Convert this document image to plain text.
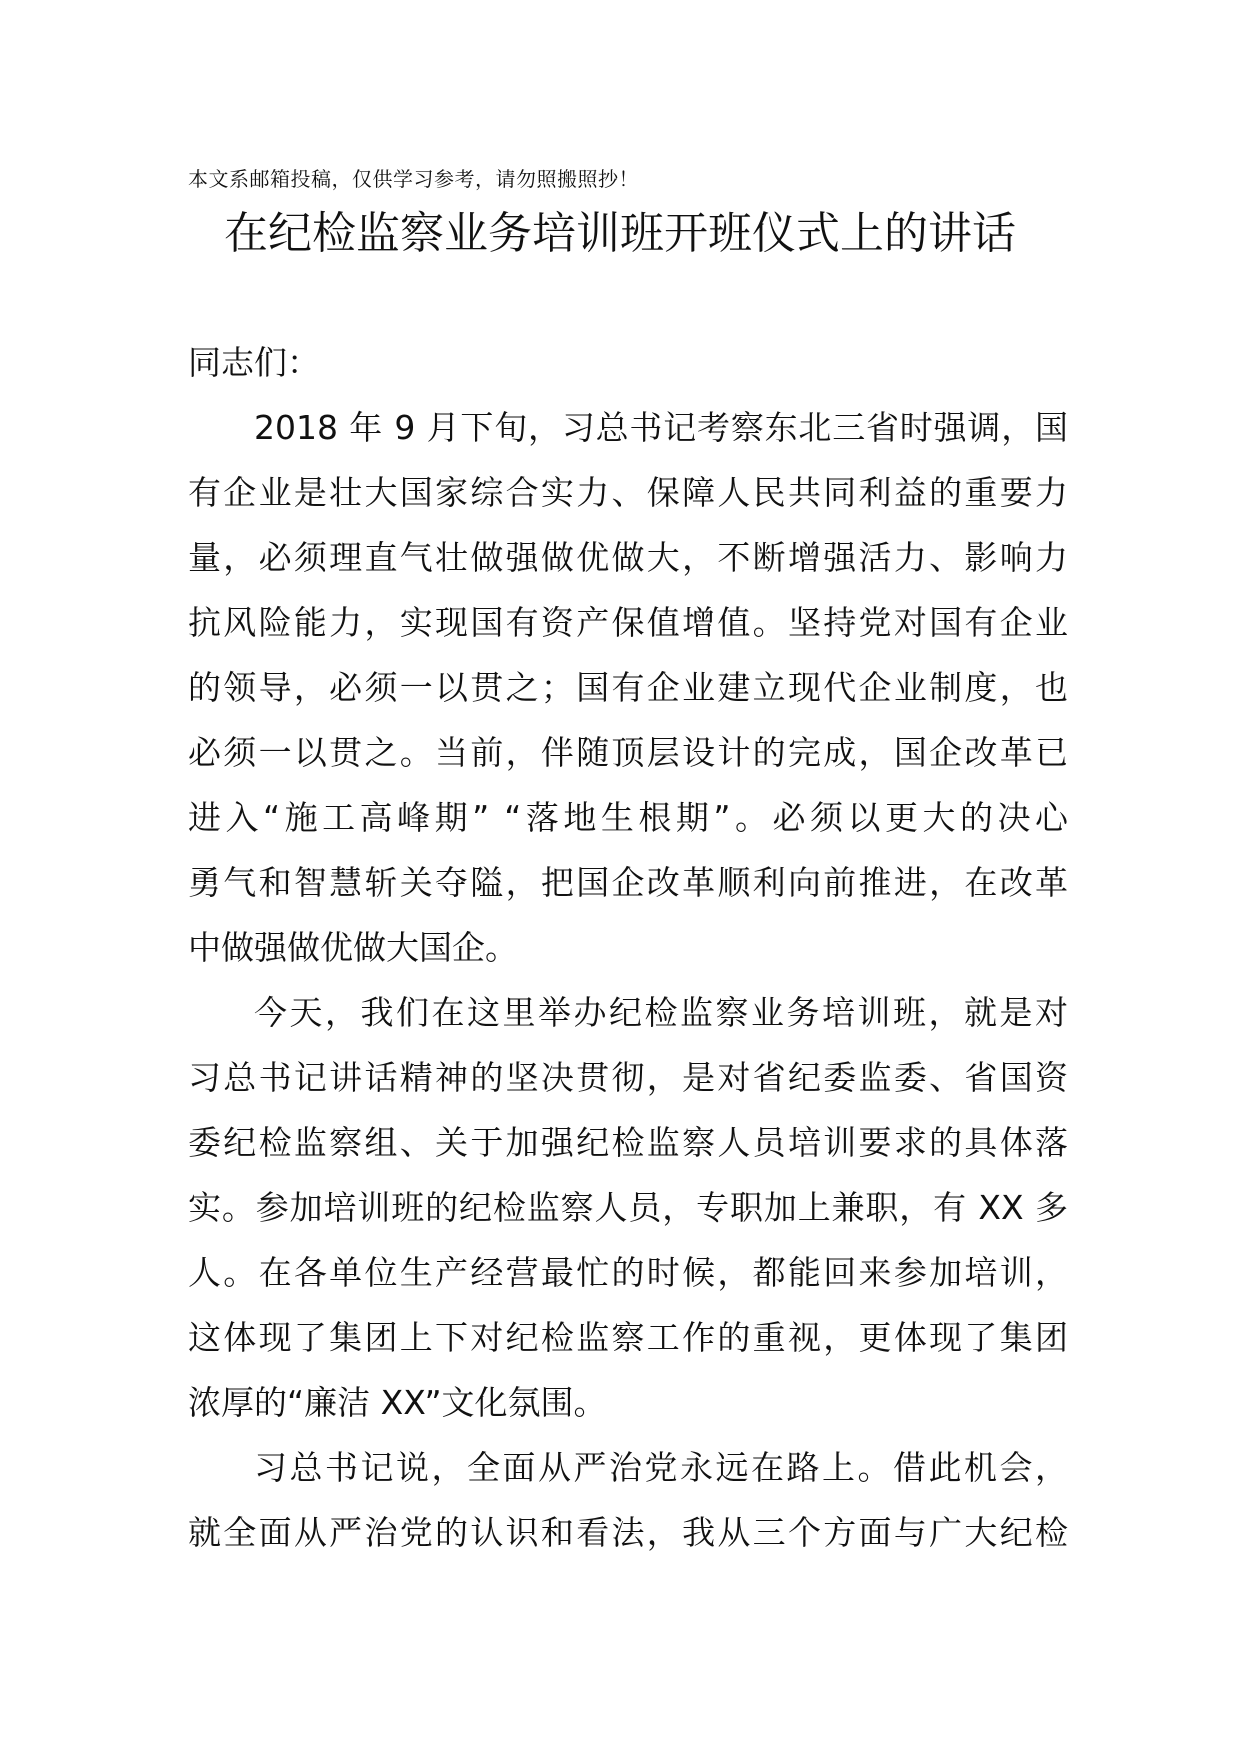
本文系邮箱投稿，仅供学习参考，请勿照搬照抄！
在纪检监察业务培训班开班仪式上的讲话
同志们：
2018 年 9 月下旬，习总书记考察东北三省时强调，国
有企业是壮大国家综合实力、保障人民共同利益的重要力
量，必须理直气壮做强做优做大，不断增强活力、影响力
抗风险能力，实现国有资产保值增值。坚持党对国有企业
的领导，必须一以贯之；国有企业建立现代企业制度，也
必须一以贯之。当前，伴随顶层设计的完成，国企改革已
进入“施工高峰期” “落地生根期”。必须以更大的决心
勇气和智慧斩关夺隘，把国企改革顺利向前推进，在改革
中做强做优做大国企。
今天，我们在这里举办纪检监察业务培训班，就是对
习总书记讲话精神的坚决贯彻，是对省纪委监委、省国资
委纪检监察组、关于加强纪检监察人员培训要求的具体落
实。参加培训班的纪检监察人员，专职加上兼职，有 XX 多
人。在各单位生产经营最忙的时候，都能回来参加培训，
这体现了集团上下对纪检监察工作的重视，更体现了集团
浓厚的“廉洁 XX”文化氛围。
习总书记说，全面从严治党永远在路上。借此机会，
就全面从严治党的认识和看法，我从三个方面与广大纪检
